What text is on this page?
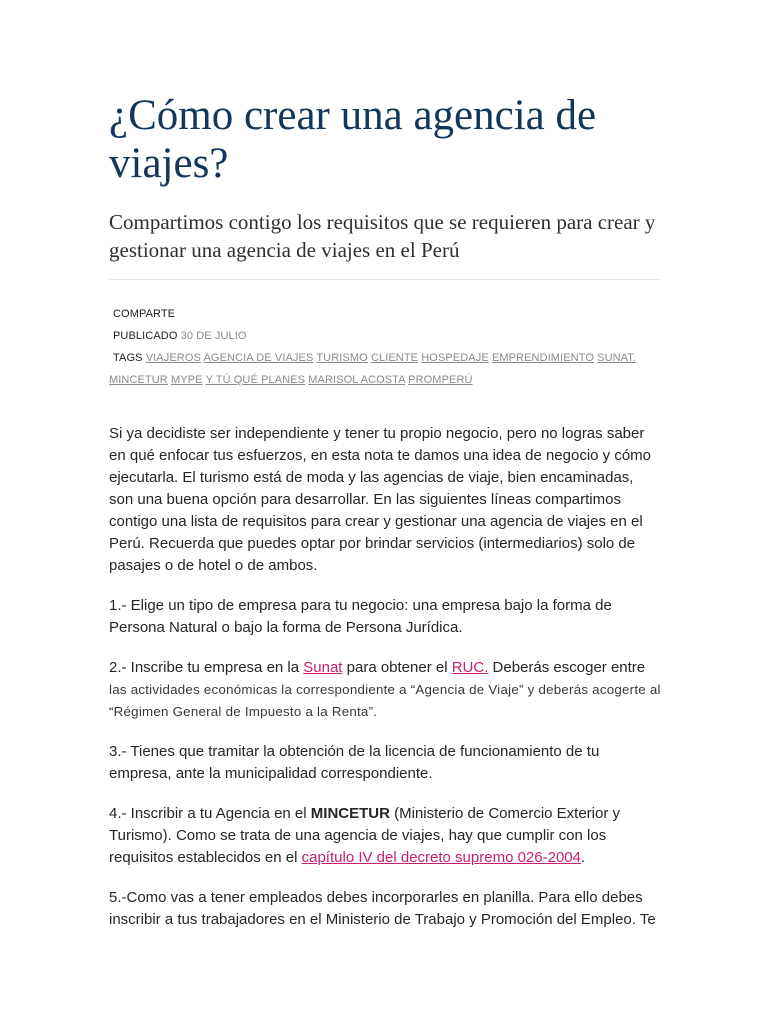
¿Cómo crear una agencia de
viajes?

Compartimos contigo los requisitos que se requieren para crear y gestionar una agencia de viajes en el Perú

COMPARTE
PUBLICADO 30 DE JULIO
TAGS VIAJEROS AGENCIA DE VIAJES TURISMO CLIENTE HOSPEDAJE EMPRENDIMIENTO SUNAT.
MINCETUR MYPE Y TÚ QUÉ PLANES MARISOL ACOSTA PROMPERÚ

Si ya decidiste ser independiente y tener tu propio negocio, pero no logras saber en qué enfocar tus esfuerzos, en esta nota te damos una idea de negocio y cómo ejecutarla. El turismo está de moda y las agencias de viaje, bien encaminadas, son una buena opción para desarrollar. En las siguientes líneas compartimos contigo una lista de requisitos para crear y gestionar una agencia de viajes en el Perú. Recuerda que puedes optar por brindar servicios (intermediarios) solo de pasajes o de hotel o de ambos.

1.- Elige un tipo de empresa para tu negocio: una empresa bajo la forma de Persona Natural o bajo la forma de Persona Jurídica.

2.- Inscribe tu empresa en la Sunat para obtener el RUC. Deberás escoger entre
las actividades económicas la correspondiente a “Agencia de Viaje” y deberás acogerte al “Régimen General de Impuesto a la Renta”.

3.- Tienes que tramitar la obtención de la licencia de funcionamiento de tu empresa, ante la municipalidad correspondiente.

4.- Inscribir a tu Agencia en el MINCETUR (Ministerio de Comercio Exterior y Turismo). Como se trata de una agencia de viajes, hay que cumplir con los requisitos establecidos en el capítulo IV del decreto supremo 026-2004.

5.-Como vas a tener empleados debes incorporarles en planilla. Para ello debes inscribir a tus trabajadores en el Ministerio de Trabajo y Promoción del Empleo. Te
